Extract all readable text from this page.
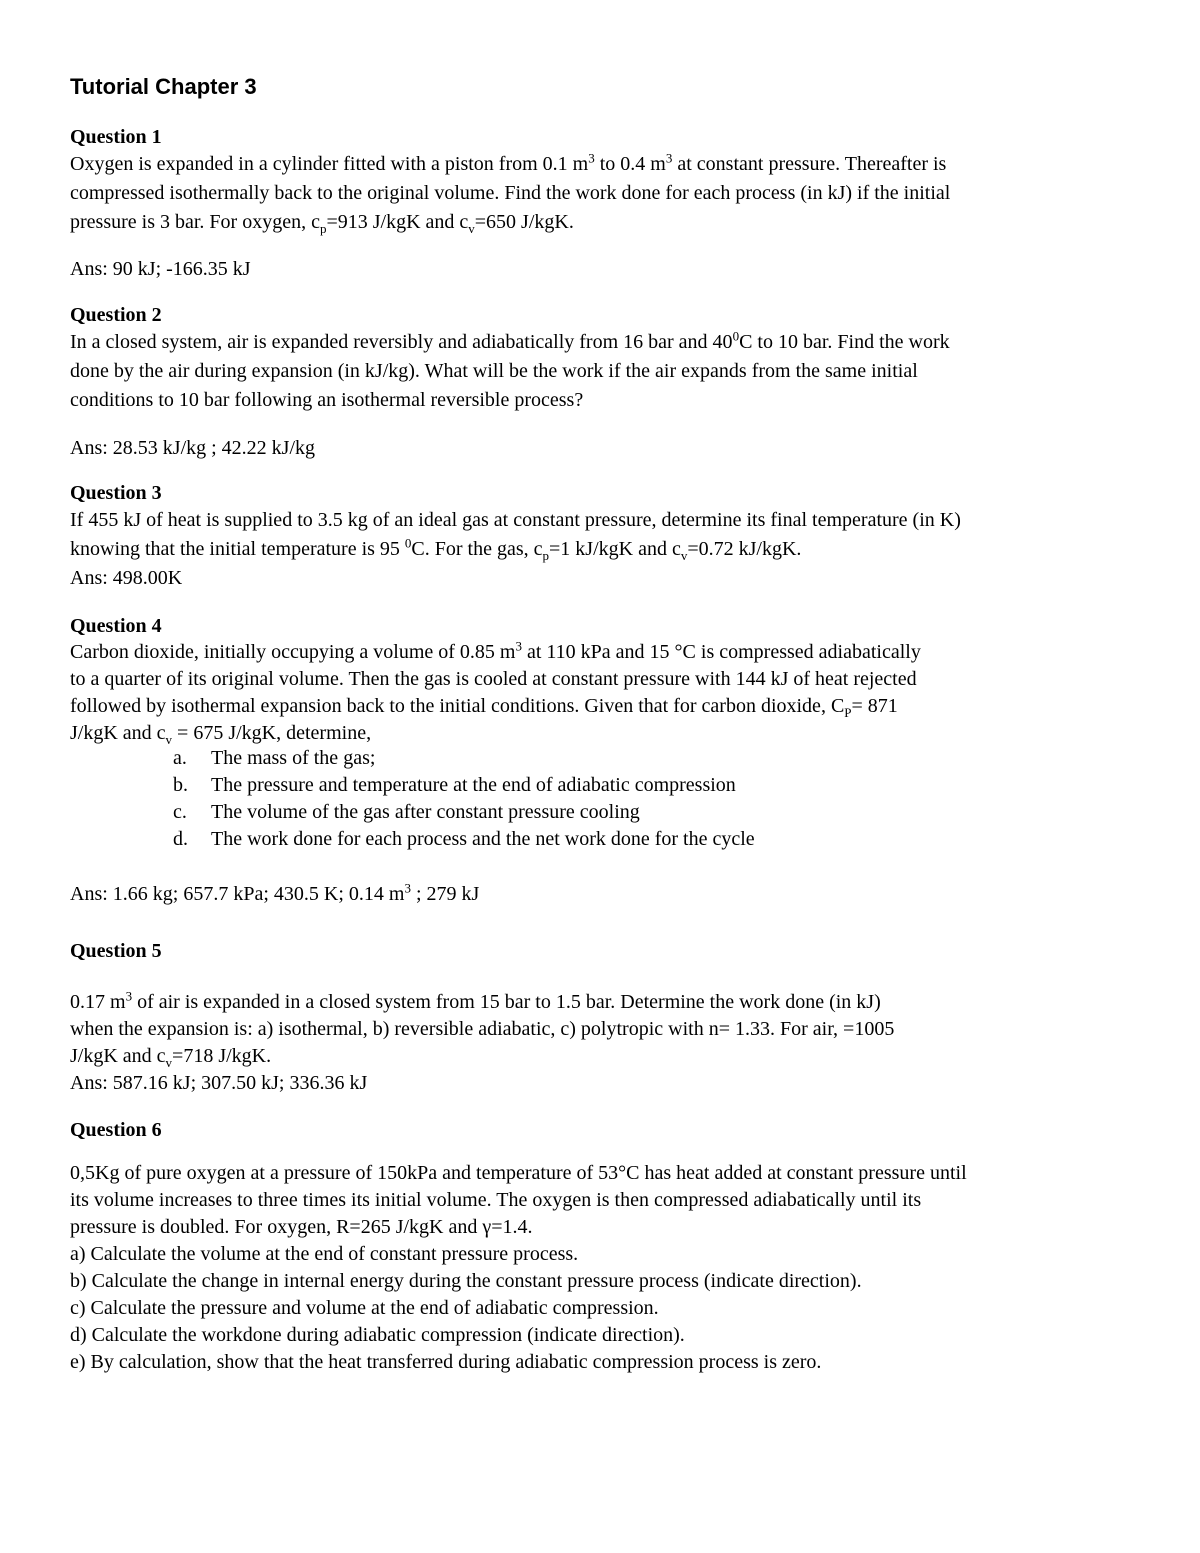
Tutorial Chapter 3
Question 1
Oxygen is expanded in a cylinder fitted with a piston from 0.1 $m^3$ to 0.4 $m^3$ at constant pressure. Thereafter is
compressed isothermally back to the original volume. Find the work done for each process (in kJ) if the initial
pressure is 3 bar. For oxygen, $c_p=913$ J/kgK and $c_v=650$ J/kgK.
Ans: 90 kJ; -166.35 kJ
Question 2
In a closed system, air is expanded reversibly and adiabatically from 16 bar and $40^0C$ to 10 bar. Find the work
done by the air during expansion (in kJ/kg). What will be the work if the air expands from the same initial
conditions to 10 bar following an isothermal reversible process?
Ans: 28.53 kJ/kg ; 42.22 kJ/kg
Question 3
If 455 kJ of heat is supplied to 3.5 kg of an ideal gas at constant pressure, determine its final temperature (in K)
knowing that the initial temperature is 95 $^0$C. For the gas, $c_p=1$ kJ/kgK and $c_v=0.72$ kJ/kgK.
Ans: 498.00K
Question 4
Carbon dioxide, initially occupying a volume of 0.85 $m^3$ at 110 kPa and 15 °C is compressed adiabatically
to a quarter of its original volume. Then the gas is cooled at constant pressure with 144 kJ of heat rejected
followed by isothermal expansion back to the initial conditions. Given that for carbon dioxide, $C_P= 871$
J/kgK and $c_v = 675$ J/kgK, determine,
a.	The mass of the gas;
b.	The pressure and temperature at the end of adiabatic compression
c.	The volume of the gas after constant pressure cooling
d.	The work done for each process and the net work done for the cycle
Ans: 1.66 kg; 657.7 kPa; 430.5 K; 0.14 $m^3$ ; 279 kJ
Question 5
0.17 $m^3$ of air is expanded in a closed system from 15 bar to 1.5 bar. Determine the work done (in kJ)
when the expansion is: a) isothermal, b) reversible adiabatic, c) polytropic with n= 1.33. For air, =1005
J/kgK and $c_v=718$ J/kgK.
Ans: 587.16 kJ; 307.50 kJ; 336.36 kJ
Question 6
0,5Kg of pure oxygen at a pressure of 150kPa and temperature of 53°C has heat added at constant pressure until
its volume increases to three times its initial volume. The oxygen is then compressed adiabatically until its
pressure is doubled. For oxygen, R=265 J/kgK and γ=1.4.
a) Calculate the volume at the end of constant pressure process.
b) Calculate the change in internal energy during the constant pressure process (indicate direction).
c) Calculate the pressure and volume at the end of adiabatic compression.
d) Calculate the workdone during adiabatic compression (indicate direction).
e) By calculation, show that the heat transferred during adiabatic compression process is zero.
